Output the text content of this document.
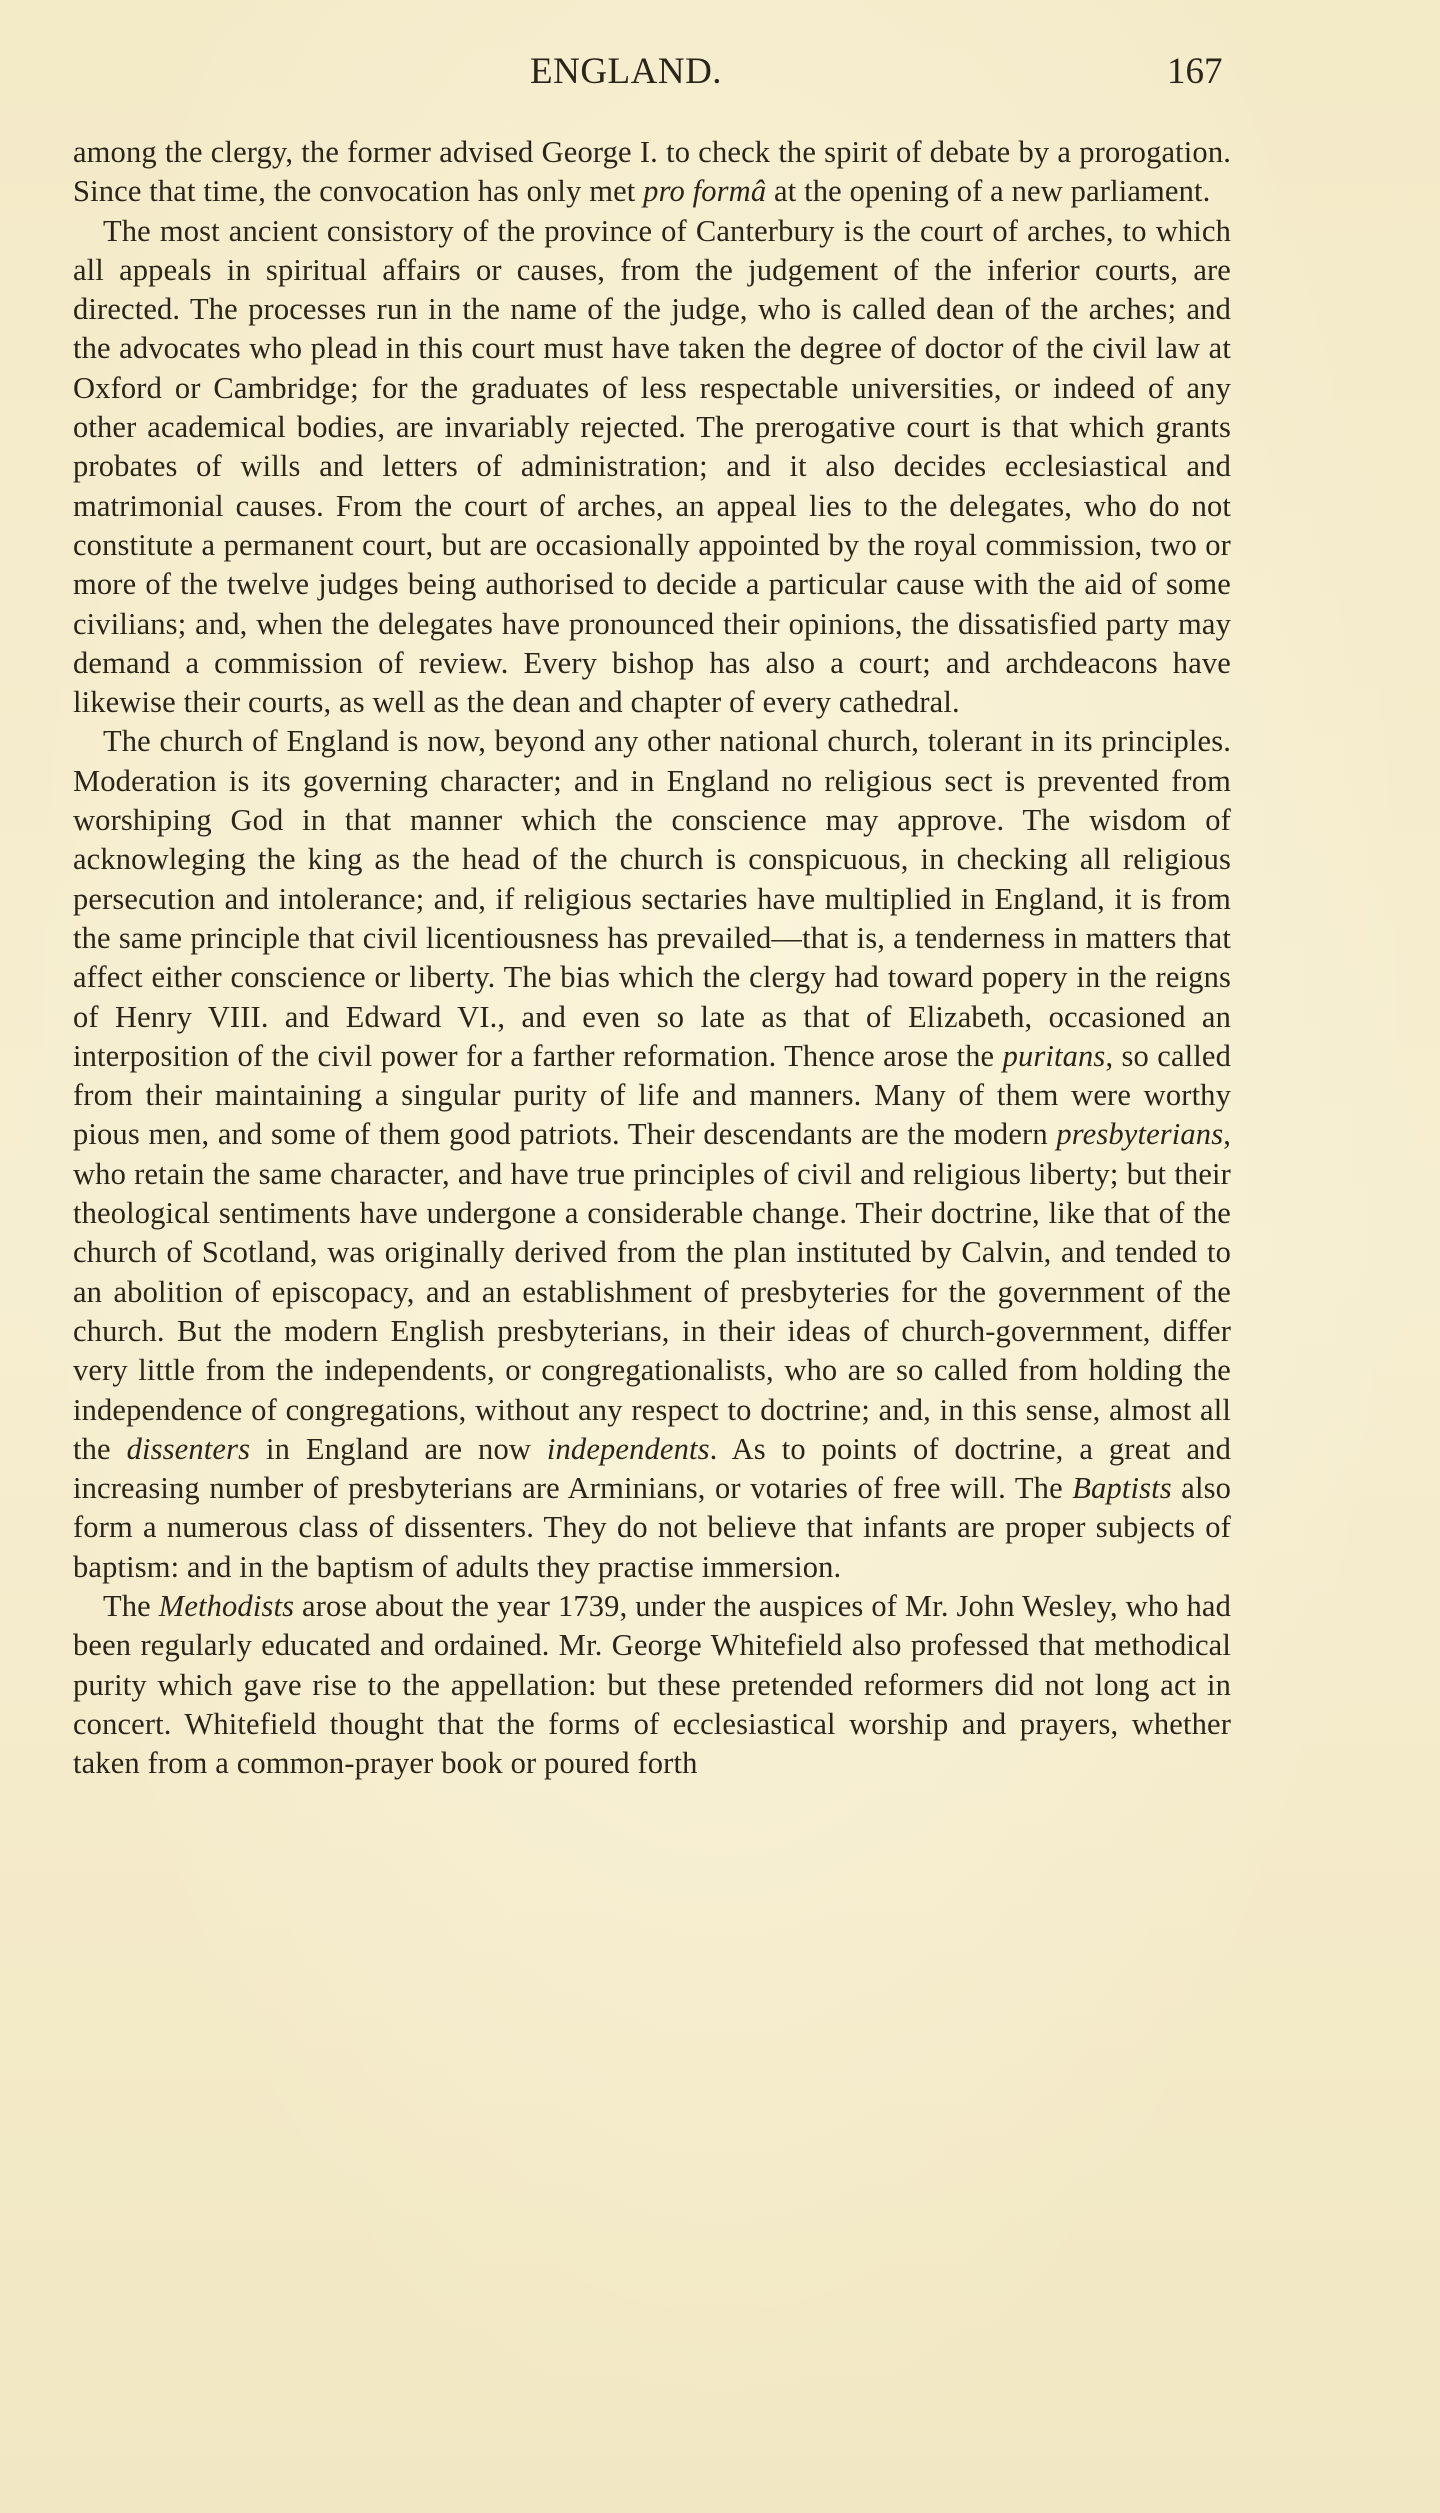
ENGLAND.	167

among the clergy, the former advised George I. to check the spirit of debate by a prorogation. Since that time, the convocation has only met pro formâ at the opening of a new parliament.

The most ancient consistory of the province of Canterbury is the court of arches, to which all appeals in spiritual affairs or causes, from the judgement of the inferior courts, are directed. The processes run in the name of the judge, who is called dean of the arches; and the advocates who plead in this court must have taken the degree of doctor of the civil law at Oxford or Cambridge; for the graduates of less respectable universities, or indeed of any other academical bodies, are invariably rejected. The prerogative court is that which grants probates of wills and letters of administration; and it also decides ecclesiastical and matrimonial causes. From the court of arches, an appeal lies to the delegates, who do not constitute a permanent court, but are occasionally appointed by the royal commission, two or more of the twelve judges being authorised to decide a particular cause with the aid of some civilians; and, when the delegates have pronounced their opinions, the dissatisfied party may demand a commission of review. Every bishop has also a court; and archdeacons have likewise their courts, as well as the dean and chapter of every cathedral.

The church of England is now, beyond any other national church, tolerant in its principles. Moderation is its governing character; and in England no religious sect is prevented from worshiping God in that manner which the conscience may approve. The wisdom of acknowleging the king as the head of the church is conspicuous, in checking all religious persecution and intolerance; and, if religious sectaries have multiplied in England, it is from the same principle that civil licentiousness has prevailed—that is, a tenderness in matters that affect either conscience or liberty. The bias which the clergy had toward popery in the reigns of Henry VIII. and Edward VI., and even so late as that of Elizabeth, occasioned an interposition of the civil power for a farther reformation. Thence arose the puritans, so called from their maintaining a singular purity of life and manners. Many of them were worthy pious men, and some of them good patriots. Their descendants are the modern presbyterians, who retain the same character, and have true principles of civil and religious liberty; but their theological sentiments have undergone a considerable change. Their doctrine, like that of the church of Scotland, was originally derived from the plan instituted by Calvin, and tended to an abolition of episcopacy, and an establishment of presbyteries for the government of the church. But the modern English presbyterians, in their ideas of church-government, differ very little from the independents, or congregationalists, who are so called from holding the independence of congregations, without any respect to doctrine; and, in this sense, almost all the dissenters in England are now independents. As to points of doctrine, a great and increasing number of presbyterians are Arminians, or votaries of free will. The Baptists also form a numerous class of dissenters. They do not believe that infants are proper subjects of baptism: and in the baptism of adults they practise immersion.

The Methodists arose about the year 1739, under the auspices of Mr. John Wesley, who had been regularly educated and ordained. Mr. George Whitefield also professed that methodical purity which gave rise to the appellation: but these pretended reformers did not long act in concert. Whitefield thought that the forms of ecclesiastical worship and prayers, whether taken from a common-prayer book or poured forth
